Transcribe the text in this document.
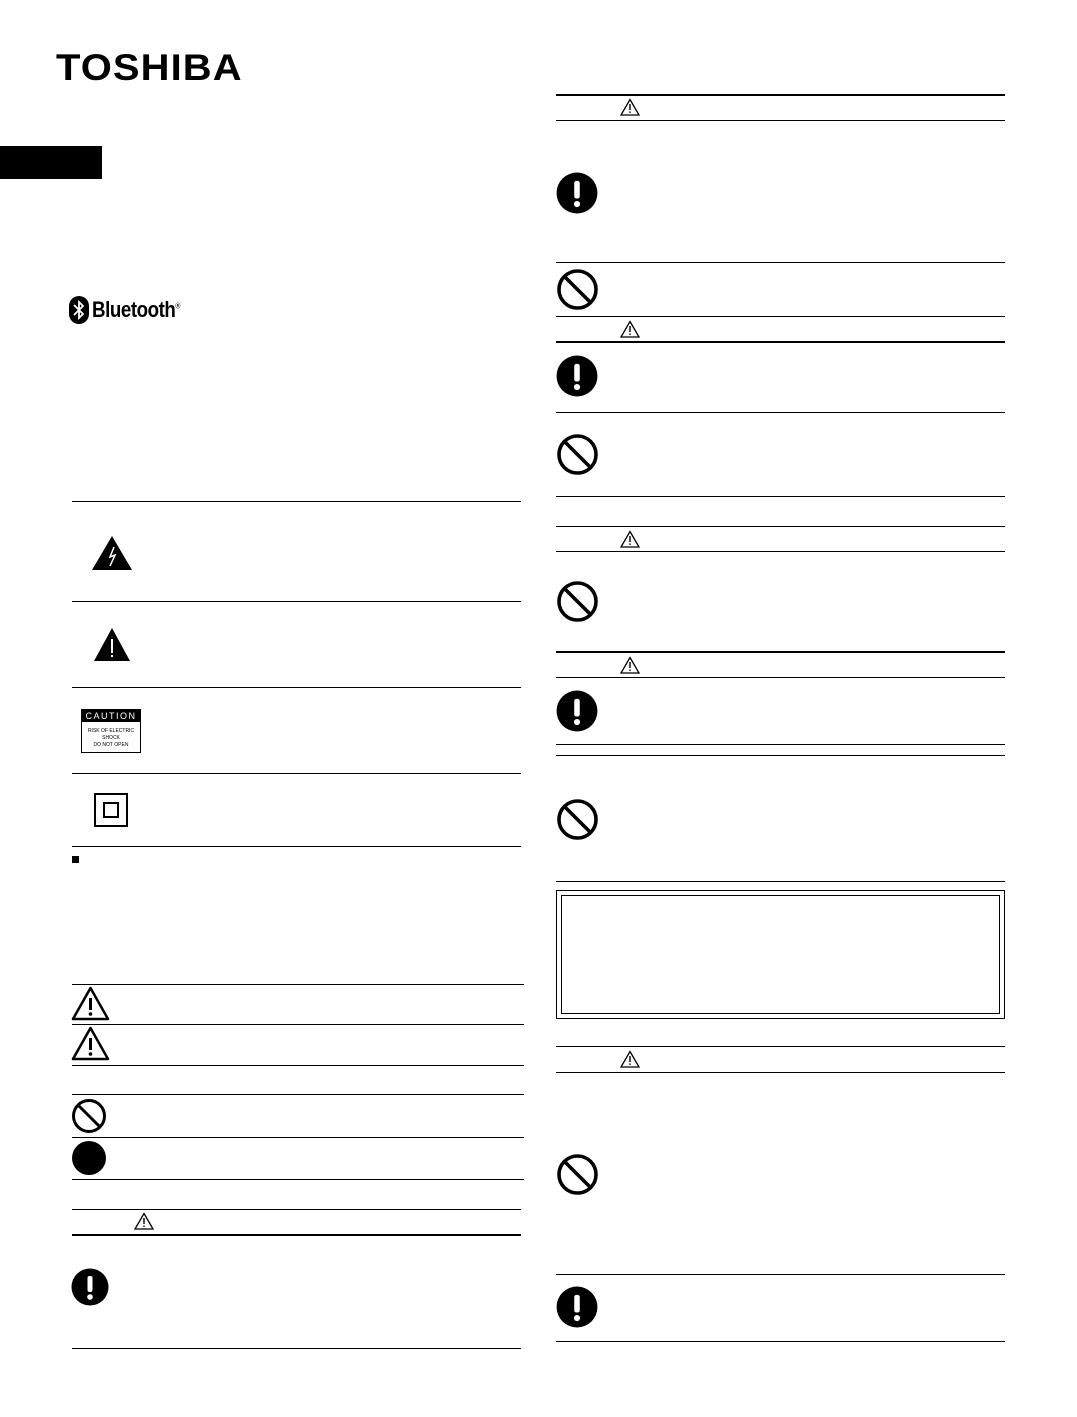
TOSHIBA
Bluetooth®
CAUTION
RISK OF ELECTRIC SHOCK
DO NOT OPEN
